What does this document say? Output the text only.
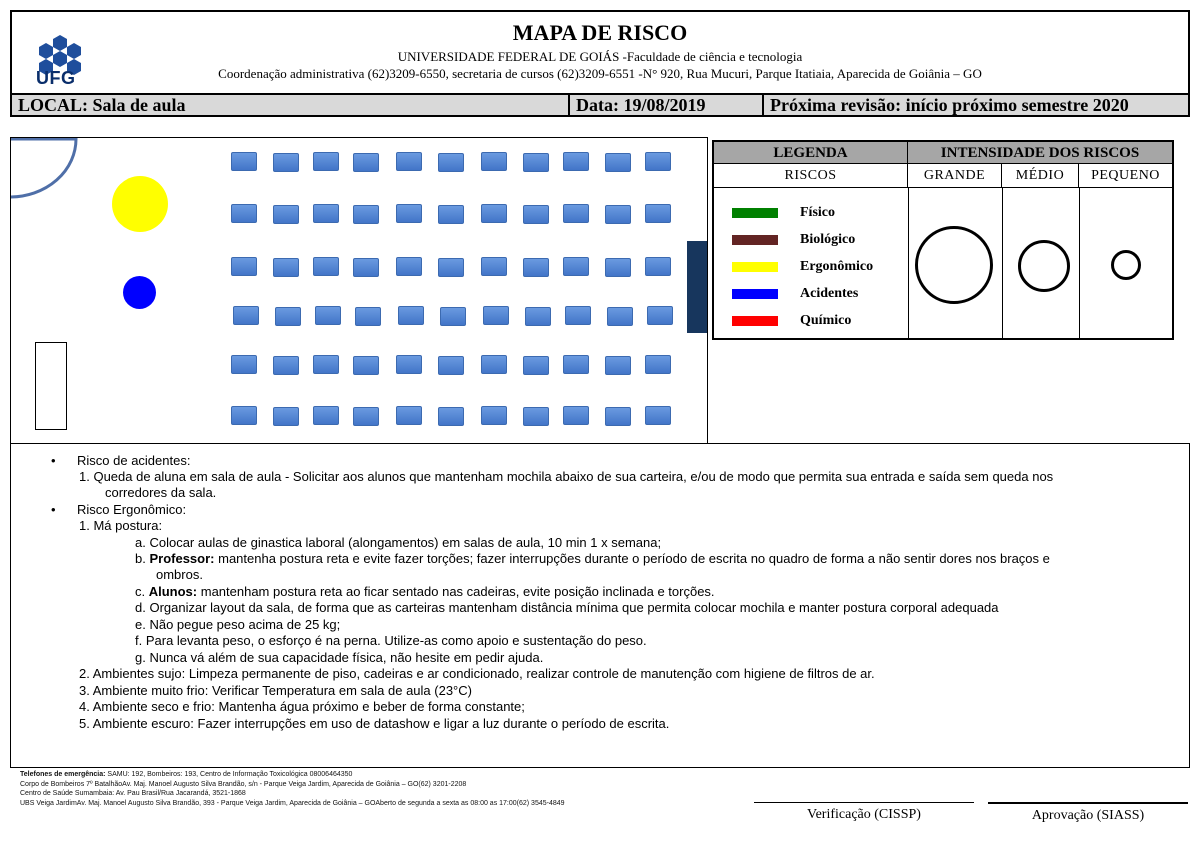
UFG
MAPA DE RISCO
UNIVERSIDADE FEDERAL DE GOIÁS -Faculdade de ciência e tecnologia
Coordenação administrativa (62)3209-6550, secretaria de cursos (62)3209-6551 -N° 920, Rua Mucuri, Parque Itatiaia, Aparecida de Goiânia – GO
LOCAL: Sala de aula	Data: 19/08/2019	Próxima revisão: início próximo semestre 2020
LEGENDA	INTENSIDADE DOS RISCOS
RISCOS	GRANDE	MÉDIO	PEQUENO
Físico
Biológico
Ergonômico
Acidentes
Químico
• Risco de acidentes:
1. Queda de aluna em sala de aula - Solicitar aos alunos que mantenham mochila abaixo de sua carteira, e/ou de modo que permita sua entrada e saída sem queda nos
corredores da sala.
• Risco Ergonômico:
1. Má postura:
a. Colocar aulas de ginastica laboral (alongamentos) em salas de aula, 10 min 1 x semana;
b. Professor: mantenha postura reta e evite fazer torções; fazer interrupções durante o período de escrita no quadro de forma a não sentir dores nos braços e
ombros.
c. Alunos: mantenham postura reta ao ficar sentado nas cadeiras, evite posição inclinada e torções.
d. Organizar layout da sala, de forma que as carteiras mantenham distância mínima que permita colocar mochila e manter postura corporal adequada
e. Não pegue peso acima de 25 kg;
f. Para levanta peso, o esforço é na perna. Utilize-as como apoio e sustentação do peso.
g. Nunca vá além de sua capacidade física, não hesite em pedir ajuda.
2. Ambientes sujo: Limpeza permanente de piso, cadeiras e ar condicionado, realizar controle de manutenção com higiene de filtros de ar.
3. Ambiente muito frio: Verificar Temperatura em sala de aula (23°C)
4. Ambiente seco e frio: Mantenha água próximo e beber de forma constante;
5. Ambiente escuro: Fazer interrupções em uso de datashow e ligar a luz durante o período de escrita.
Telefones de emergência: SAMU: 192, Bombeiros: 193, Centro de Informação Toxicológica 08006464350
Corpo de Bombeiros 7º BatalhãoAv. Maj. Manoel Augusto Silva Brandão, s/n - Parque Veiga Jardim, Aparecida de Goiânia – GO(62) 3201-2208
Centro de Saúde Sumambaia: Av. Pau Brasil/Rua Jacarandá, 3521-1868
UBS Veiga JardimAv. Maj. Manoel Augusto Silva Brandão, 393 - Parque Veiga Jardim, Aparecida de Goiânia – GOAberto de segunda a sexta as 08:00 as 17:00(62) 3545-4849
Verificação (CISSP)	Aprovação (SIASS)
